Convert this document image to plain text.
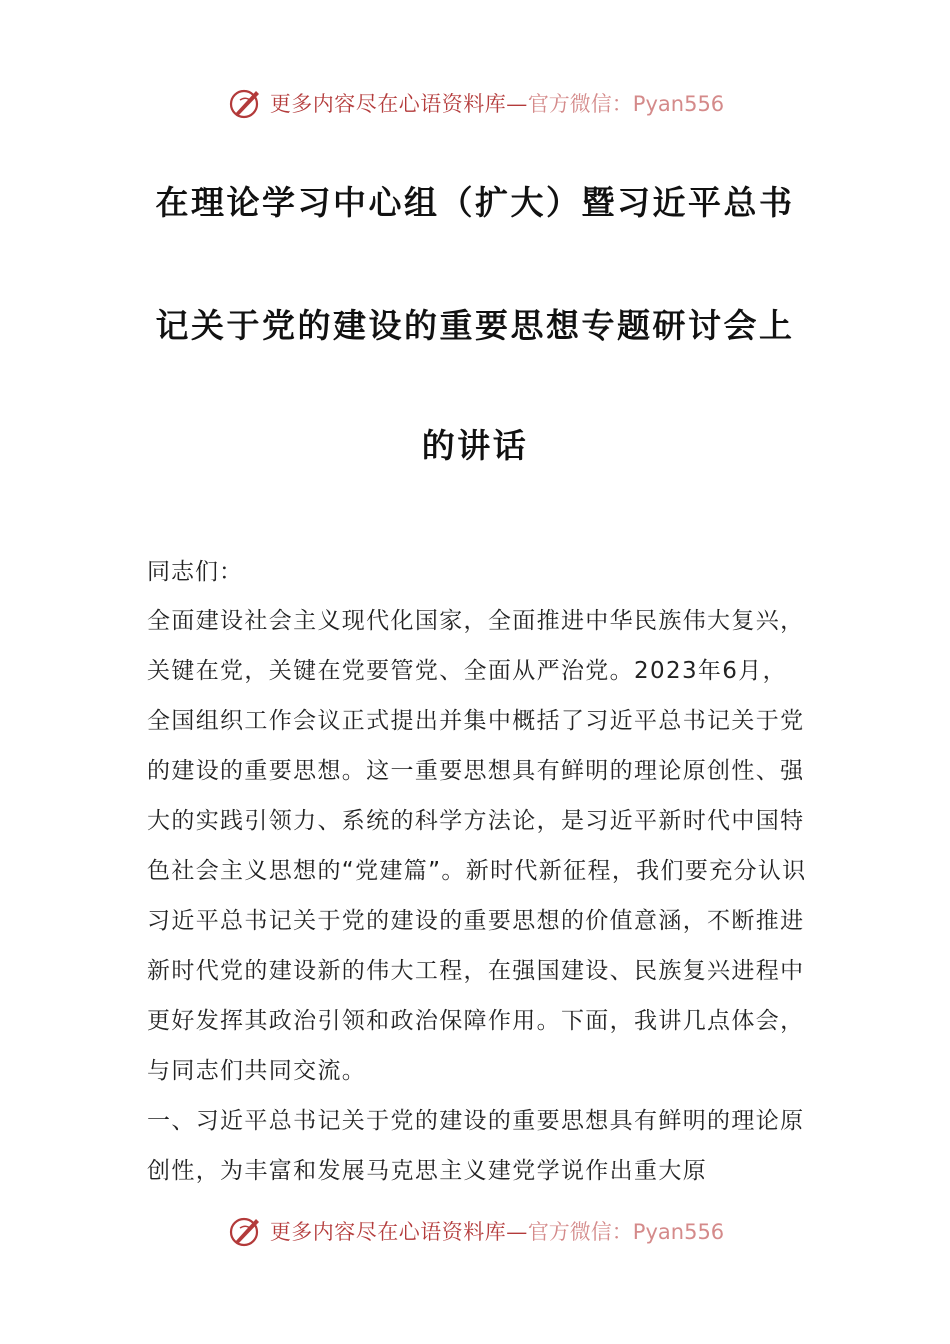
更多内容尽在心语资料库— 官方微信：Pyan556
在理论学习中心组（扩大）暨习近平总书
记关于党的建设的重要思想专题研讨会上
的讲话
同志们：

全面建设社会主义现代化国家，全面推进中华民族伟大复兴，关键在党，关键在党要管党、全面从严治党。2023年6月，全国组织工作会议正式提出并集中概括了习近平总书记关于党的建设的重要思想。这一重要思想具有鲜明的理论原创性、强大的实践引领力、系统的科学方法论，是习近平新时代中国特色社会主义思想的“党建篇”。新时代新征程，我们要充分认识习近平总书记关于党的建设的重要思想的价值意涵，不断推进新时代党的建设新的伟大工程，在强国建设、民族复兴进程中更好发挥其政治引领和政治保障作用。下面，我讲几点体会，与同志们共同交流。

一、习近平总书记关于党的建设的重要思想具有鲜明的理论原创性，为丰富和发展马克思主义建党学说作出重大原

更多内容尽在心语资料库— 官方微信：Pyan556
